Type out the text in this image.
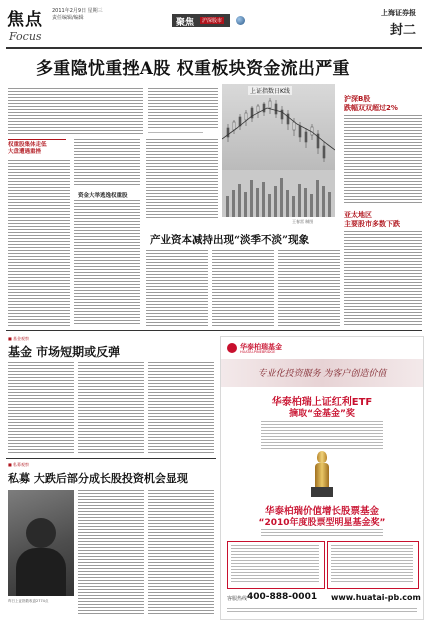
焦点 2011年2月9日 星期三
责任编辑/编辑
Focus
聚焦	沪深股市
上海证券报
封二
多重隐忧重挫A股 权重板块资金流出严重
上证指数日K线
王春雷 制图
沪深B股
跌幅双双超过2%
亚太地区
主要股市多数下跌
权重股集体走低
大盘遭遇重挫
资金大举逃逸权重股
产业资本减持出现“淡季不淡”现象
■ 基金观察
基金 市场短期或反弹
■ 私募观察
私募 大跌后部分成长股投资机会显现
昨日上证指数收盘2774点
华泰柏瑞基金
HUATAI-PINEBRIDGE
专业化投资服务 为客户创造价值
华泰柏瑞上证红利ETF
摘取“金基金”奖
华泰柏瑞价值增长股票基金
“2010年度股票型明星基金奖”
客服热线 400-888-0001 www.huatai-pb.com
